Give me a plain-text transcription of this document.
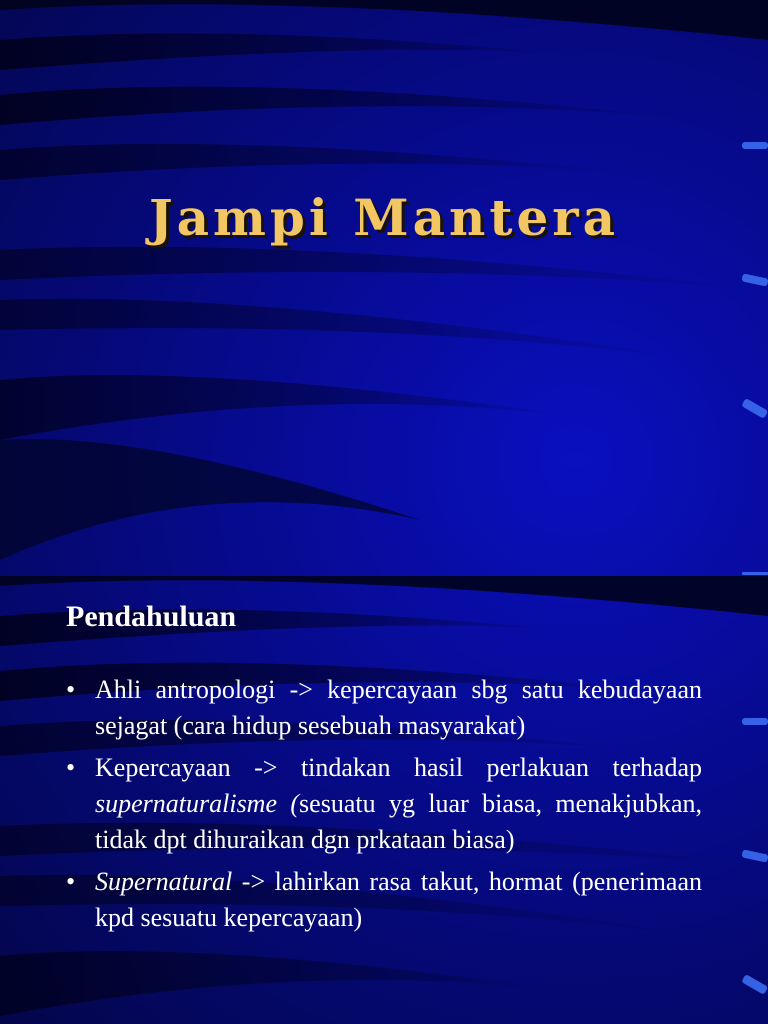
Jampi Mantera
Pendahuluan
• Ahli antropologi -> kepercayaan sbg satu kebudayaan sejagat (cara hidup sesebuah masyarakat)
• Kepercayaan -> tindakan hasil perlakuan terhadap supernaturalisme (sesuatu yg luar biasa, menakjubkan, tidak dpt dihuraikan dgn prkataan biasa)
• Supernatural -> lahirkan rasa takut, hormat (penerimaan kpd sesuatu kepercayaan)
